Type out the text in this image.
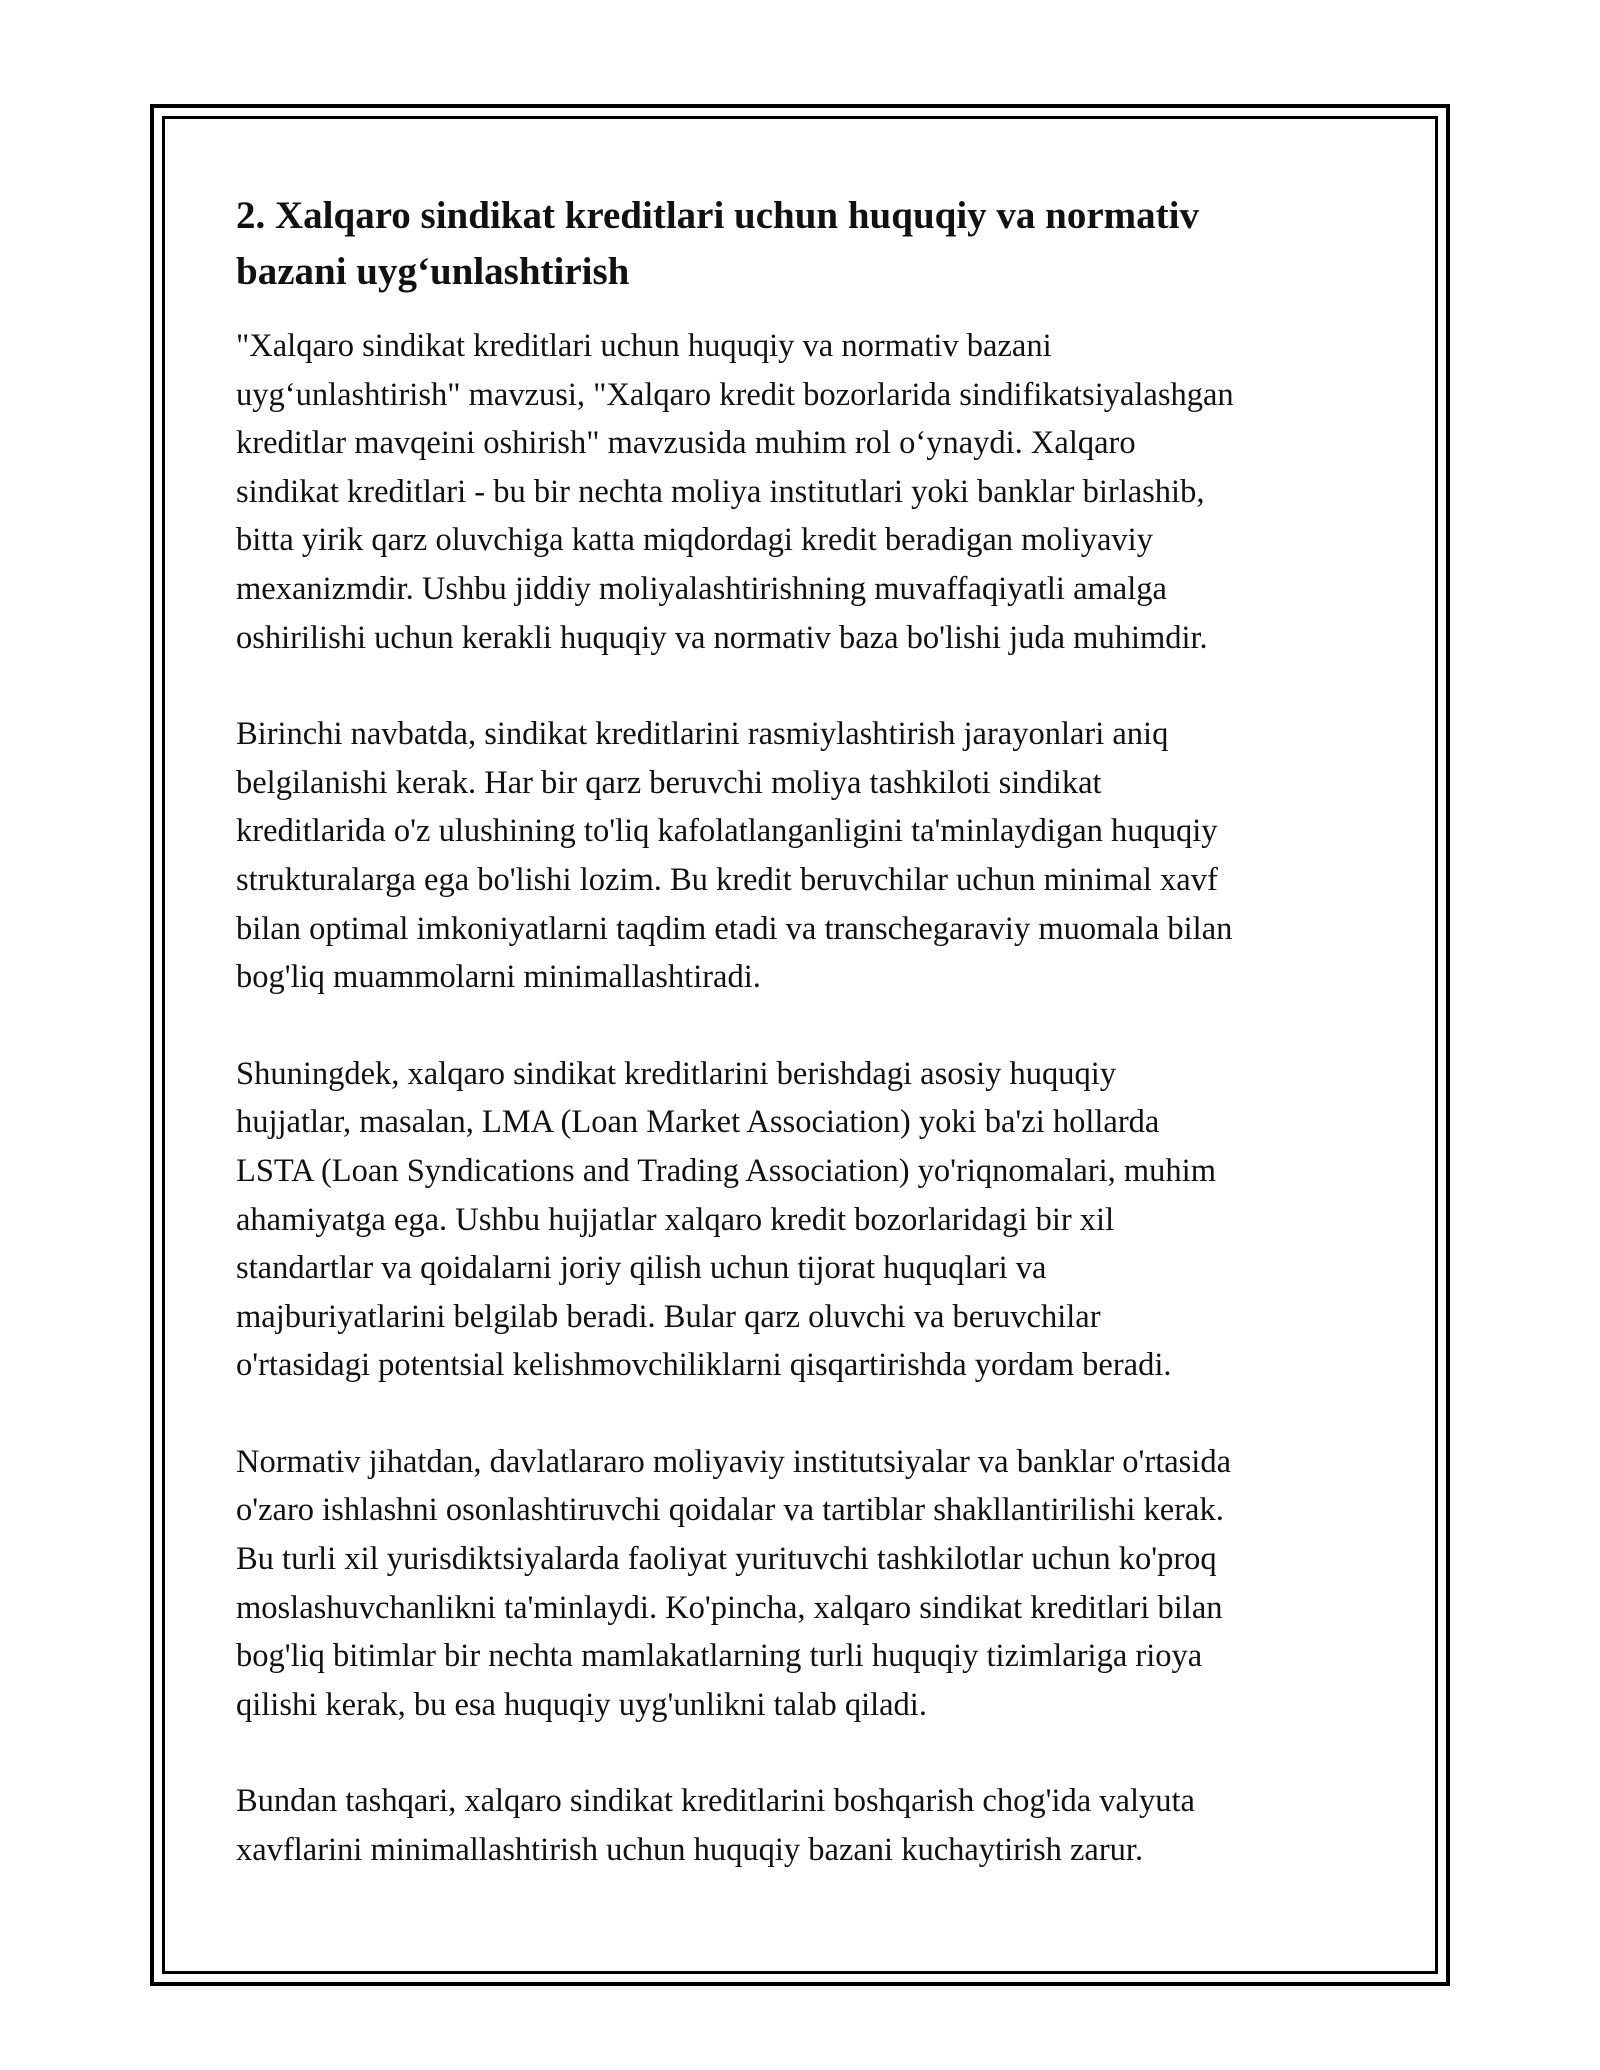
2. Xalqaro sindikat kreditlari uchun huquqiy va normativ
bazani uyg‘unlashtirish

"Xalqaro sindikat kreditlari uchun huquqiy va normativ bazani
uyg‘unlashtirish" mavzusi, "Xalqaro kredit bozorlarida sindifikatsiyalashgan
kreditlar mavqeini oshirish" mavzusida muhim rol o‘ynaydi. Xalqaro
sindikat kreditlari - bu bir nechta moliya institutlari yoki banklar birlashib,
bitta yirik qarz oluvchiga katta miqdordagi kredit beradigan moliyaviy
mexanizmdir. Ushbu jiddiy moliyalashtirishning muvaffaqiyatli amalga
oshirilishi uchun kerakli huquqiy va normativ baza bo'lishi juda muhimdir.

Birinchi navbatda, sindikat kreditlarini rasmiylashtirish jarayonlari aniq
belgilanishi kerak. Har bir qarz beruvchi moliya tashkiloti sindikat
kreditlarida o'z ulushining to'liq kafolatlanganligini ta'minlaydigan huquqiy
strukturalarga ega bo'lishi lozim. Bu kredit beruvchilar uchun minimal xavf
bilan optimal imkoniyatlarni taqdim etadi va transchegaraviy muomala bilan
bog'liq muammolarni minimallashtiradi.

Shuningdek, xalqaro sindikat kreditlarini berishdagi asosiy huquqiy
hujjatlar, masalan, LMA (Loan Market Association) yoki ba'zi hollarda
LSTA (Loan Syndications and Trading Association) yo'riqnomalari, muhim
ahamiyatga ega. Ushbu hujjatlar xalqaro kredit bozorlaridagi bir xil
standartlar va qoidalarni joriy qilish uchun tijorat huquqlari va
majburiyatlarini belgilab beradi. Bular qarz oluvchi va beruvchilar
o'rtasidagi potentsial kelishmovchiliklarni qisqartirishda yordam beradi.

Normativ jihatdan, davlatlararo moliyaviy institutsiyalar va banklar o'rtasida
o'zaro ishlashni osonlashtiruvchi qoidalar va tartiblar shakllantirilishi kerak.
Bu turli xil yurisdiktsiyalarda faoliyat yurituvchi tashkilotlar uchun ko'proq
moslashuvchanlikni ta'minlaydi. Ko'pincha, xalqaro sindikat kreditlari bilan
bog'liq bitimlar bir nechta mamlakatlarning turli huquqiy tizimlariga rioya
qilishi kerak, bu esa huquqiy uyg'unlikni talab qiladi.

Bundan tashqari, xalqaro sindikat kreditlarini boshqarish chog'ida valyuta
xavflarini minimallashtirish uchun huquqiy bazani kuchaytirish zarur.
